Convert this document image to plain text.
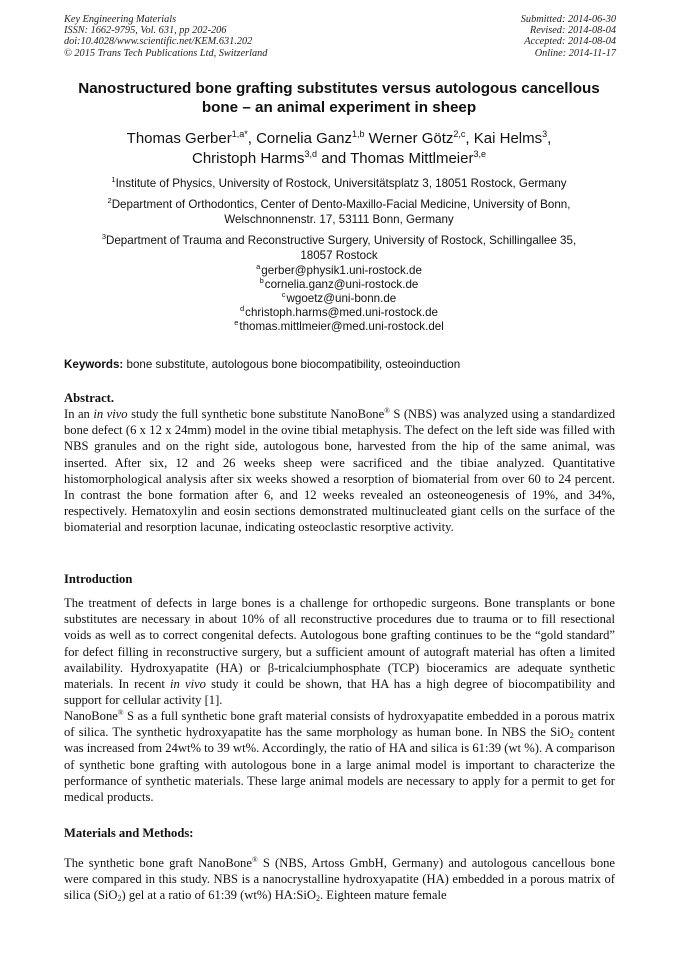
Key Engineering Materials
ISSN: 1662-9795, Vol. 631, pp 202-206
doi:10.4028/www.scientific.net/KEM.631.202
© 2015 Trans Tech Publications Ltd, Switzerland
Submitted: 2014-06-30
Revised: 2014-08-04
Accepted: 2014-08-04
Online: 2014-11-17
Nanostructured bone grafting substitutes versus autologous cancellous
bone – an animal experiment in sheep
Thomas Gerber$^{1,a*}$, Cornelia Ganz$^{1,b}$ Werner Götz$^{2,c}$, Kai Helms$^3$,
Christoph Harms$^{3,d}$ and Thomas Mittlmeier$^{3,e}$
$^1$Institute of Physics, University of Rostock, Universitätsplatz 3, 18051 Rostock, Germany
$^2$Department of Orthodontics, Center of Dento-Maxillo-Facial Medicine, University of Bonn,
Welschnonnenstr. 17, 53111 Bonn, Germany
$^3$Department of Trauma and Reconstructive Surgery, University of Rostock, Schillingallee 35,
18057 Rostock
$^a$gerber@physik1.uni-rostock.de
$^b$cornelia.ganz@uni-rostock.de
$^c$wgoetz@uni-bonn.de
$^d$christoph.harms@med.uni-rostock.de
$^e$thomas.mittlmeier@med.uni-rostock.del
Keywords: bone substitute, autologous bone biocompatibility, osteoinduction
Abstract.
In an in vivo study the full synthetic bone substitute NanoBone® S (NBS) was analyzed using a standardized bone defect (6 x 12 x 24mm) model in the ovine tibial metaphysis. The defect on the left side was filled with NBS granules and on the right side, autologous bone, harvested from the hip of the same animal, was inserted. After six, 12 and 26 weeks sheep were sacrificed and the tibiae analyzed. Quantitative histomorphological analysis after six weeks showed a resorption of biomaterial from over 60 to 24 percent. In contrast the bone formation after 6, and 12 weeks revealed an osteoneogenesis of 19%, and 34%, respectively. Hematoxylin and eosin sections demonstrated multinucleated giant cells on the surface of the biomaterial and resorption lacunae, indicating osteoclastic resorptive activity.
Introduction
The treatment of defects in large bones is a challenge for orthopedic surgeons. Bone transplants or bone substitutes are necessary in about 10% of all reconstructive procedures due to trauma or to fill resectional voids as well as to correct congenital defects. Autologous bone grafting continues to be the “gold standard” for defect filling in reconstructive surgery, but a sufficient amount of autograft material has often a limited availability. Hydroxyapatite (HA) or β-tricalciumphosphate (TCP) bioceramics are adequate synthetic materials. In recent in vivo study it could be shown, that HA has a high degree of biocompatibility and support for cellular activity [1].
NanoBone® S as a full synthetic bone graft material consists of hydroxyapatite embedded in a porous matrix of silica. The synthetic hydroxyapatite has the same morphology as human bone. In NBS the SiO$_2$ content was increased from 24wt% to 39 wt%. Accordingly, the ratio of HA and silica is 61:39 (wt %). A comparison of synthetic bone grafting with autologous bone in a large animal model is important to characterize the performance of synthetic materials. These large animal models are necessary to apply for a permit to get for medical products.
Materials and Methods:
The synthetic bone graft NanoBone® S (NBS, Artoss GmbH, Germany) and autologous cancellous bone were compared in this study. NBS is a nanocrystalline hydroxyapatite (HA) embedded in a porous matrix of silica (SiO$_2$) gel at a ratio of 61:39 (wt%) HA:SiO$_2$. Eighteen mature female
